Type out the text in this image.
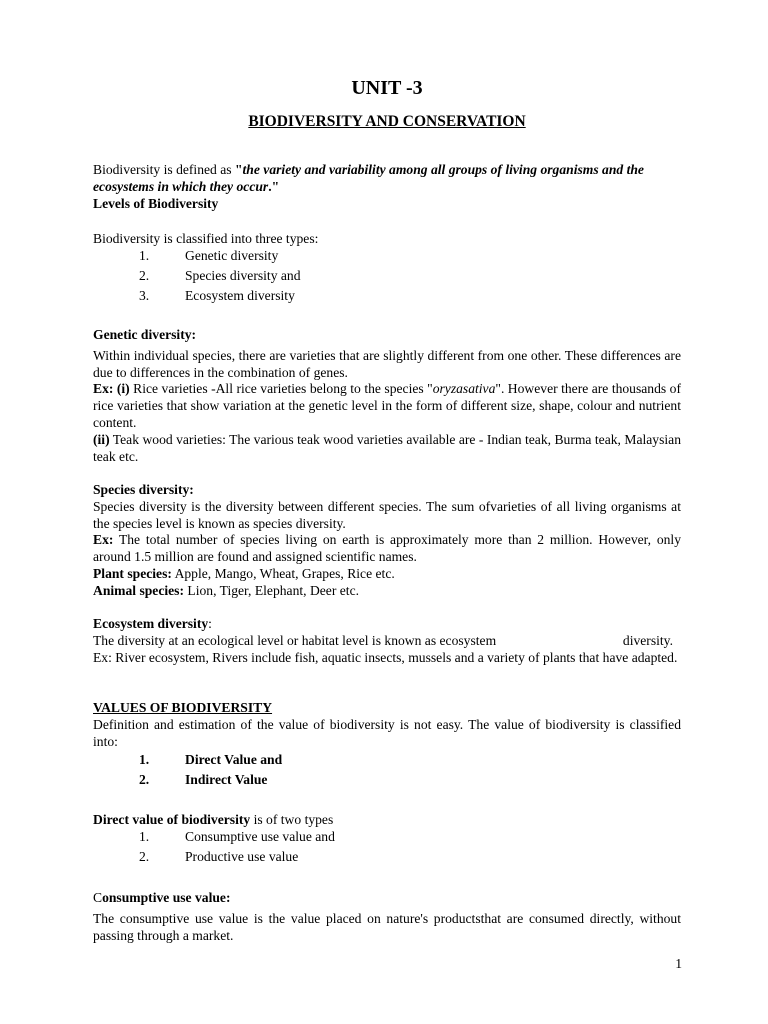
UNIT -3
BIODIVERSITY AND CONSERVATION

Biodiversity is defined as "the variety and variability among all groups of living organisms and the ecosystems in which they occur."

Levels of Biodiversity

Biodiversity is classified into three types:

1.	Genetic diversity
2.	Species diversity and
3.	Ecosystem diversity

Genetic diversity:

Within individual species, there are varieties that are slightly different from one other. These differences are due to differences in the combination of genes.

Ex: (i) Rice varieties -All rice varieties belong to the species "oryzasativa". However there are thousands of rice varieties that show variation at the genetic level in the form of different size, shape, colour and nutrient content.

(ii) Teak wood varieties: The various teak wood varieties available are - Indian teak, Burma teak, Malaysian teak etc.

Species diversity:

Species diversity is the diversity between different species. The sum ofvarieties of all living organisms at the species level is known as species diversity.

Ex: The total number of species living on earth is approximately more than 2 million. However, only around 1.5 million are found and assigned scientific names.

Plant species: Apple, Mango, Wheat, Grapes, Rice etc.

Animal species: Lion, Tiger, Elephant, Deer etc.

Ecosystem diversity:

The diversity at an ecological level or habitat level is known as ecosystem	diversity.

Ex: River ecosystem, Rivers include fish, aquatic insects, mussels and a variety of plants that have adapted.

VALUES OF BIODIVERSITY

Definition and estimation of the value of biodiversity is not easy. The value of biodiversity is classified into:

1.	Direct Value and
2.	Indirect Value

Direct value of biodiversity is of two types

1.	Consumptive use value and
2.	Productive use value

Consumptive use value:

The consumptive use value is the value placed on nature's productsthat are consumed directly, without passing through a market.

1
